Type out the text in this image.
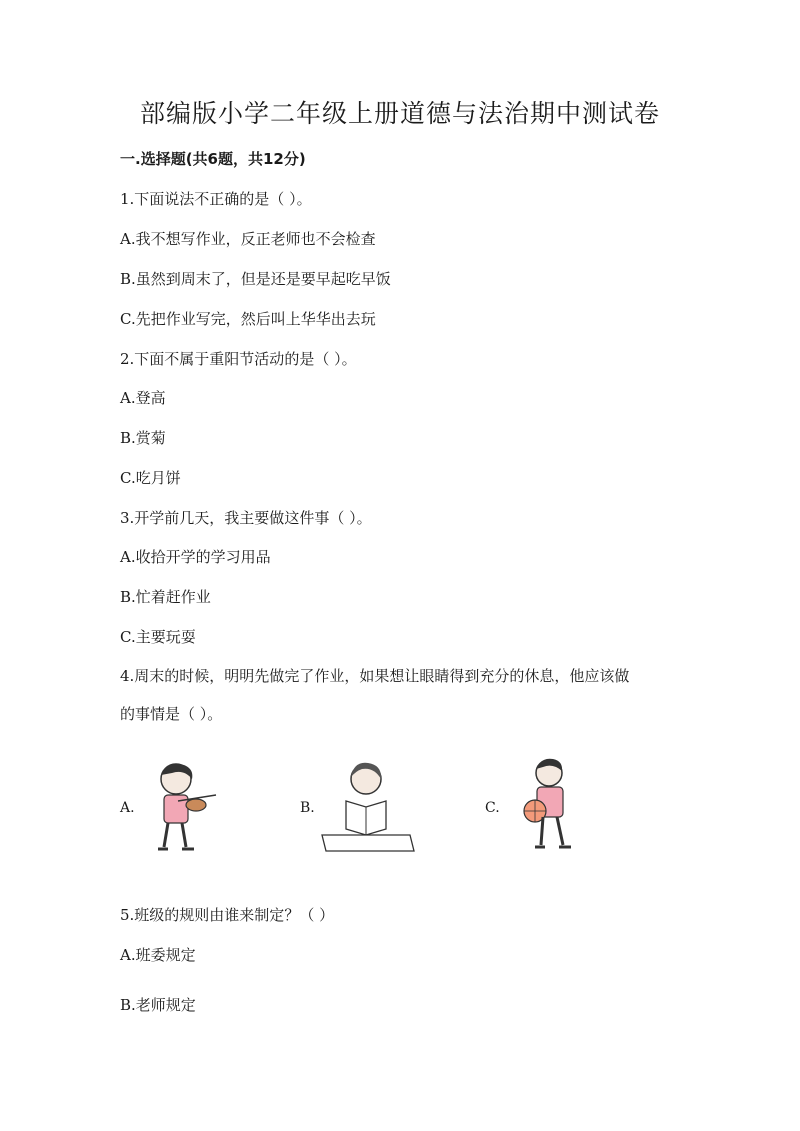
部编版小学二年级上册道德与法治期中测试卷
一.选择题(共6题，共12分)
1.下面说法不正确的是（ ）。
A.我不想写作业，反正老师也不会检查
B.虽然到周末了，但是还是要早起吃早饭
C.先把作业写完，然后叫上华华出去玩
2.下面不属于重阳节活动的是（ ）。
A.登高
B.赏菊
C.吃月饼
3.开学前几天，我主要做这件事（ ）。
A.收拾开学的学习用品
B.忙着赶作业
C.主要玩耍
4.周末的时候，明明先做完了作业，如果想让眼睛得到充分的休息，他应该做
的事情是（ ）。
A.	B.	C.
5.班级的规则由谁来制定？（ ）
A.班委规定
B.老师规定
